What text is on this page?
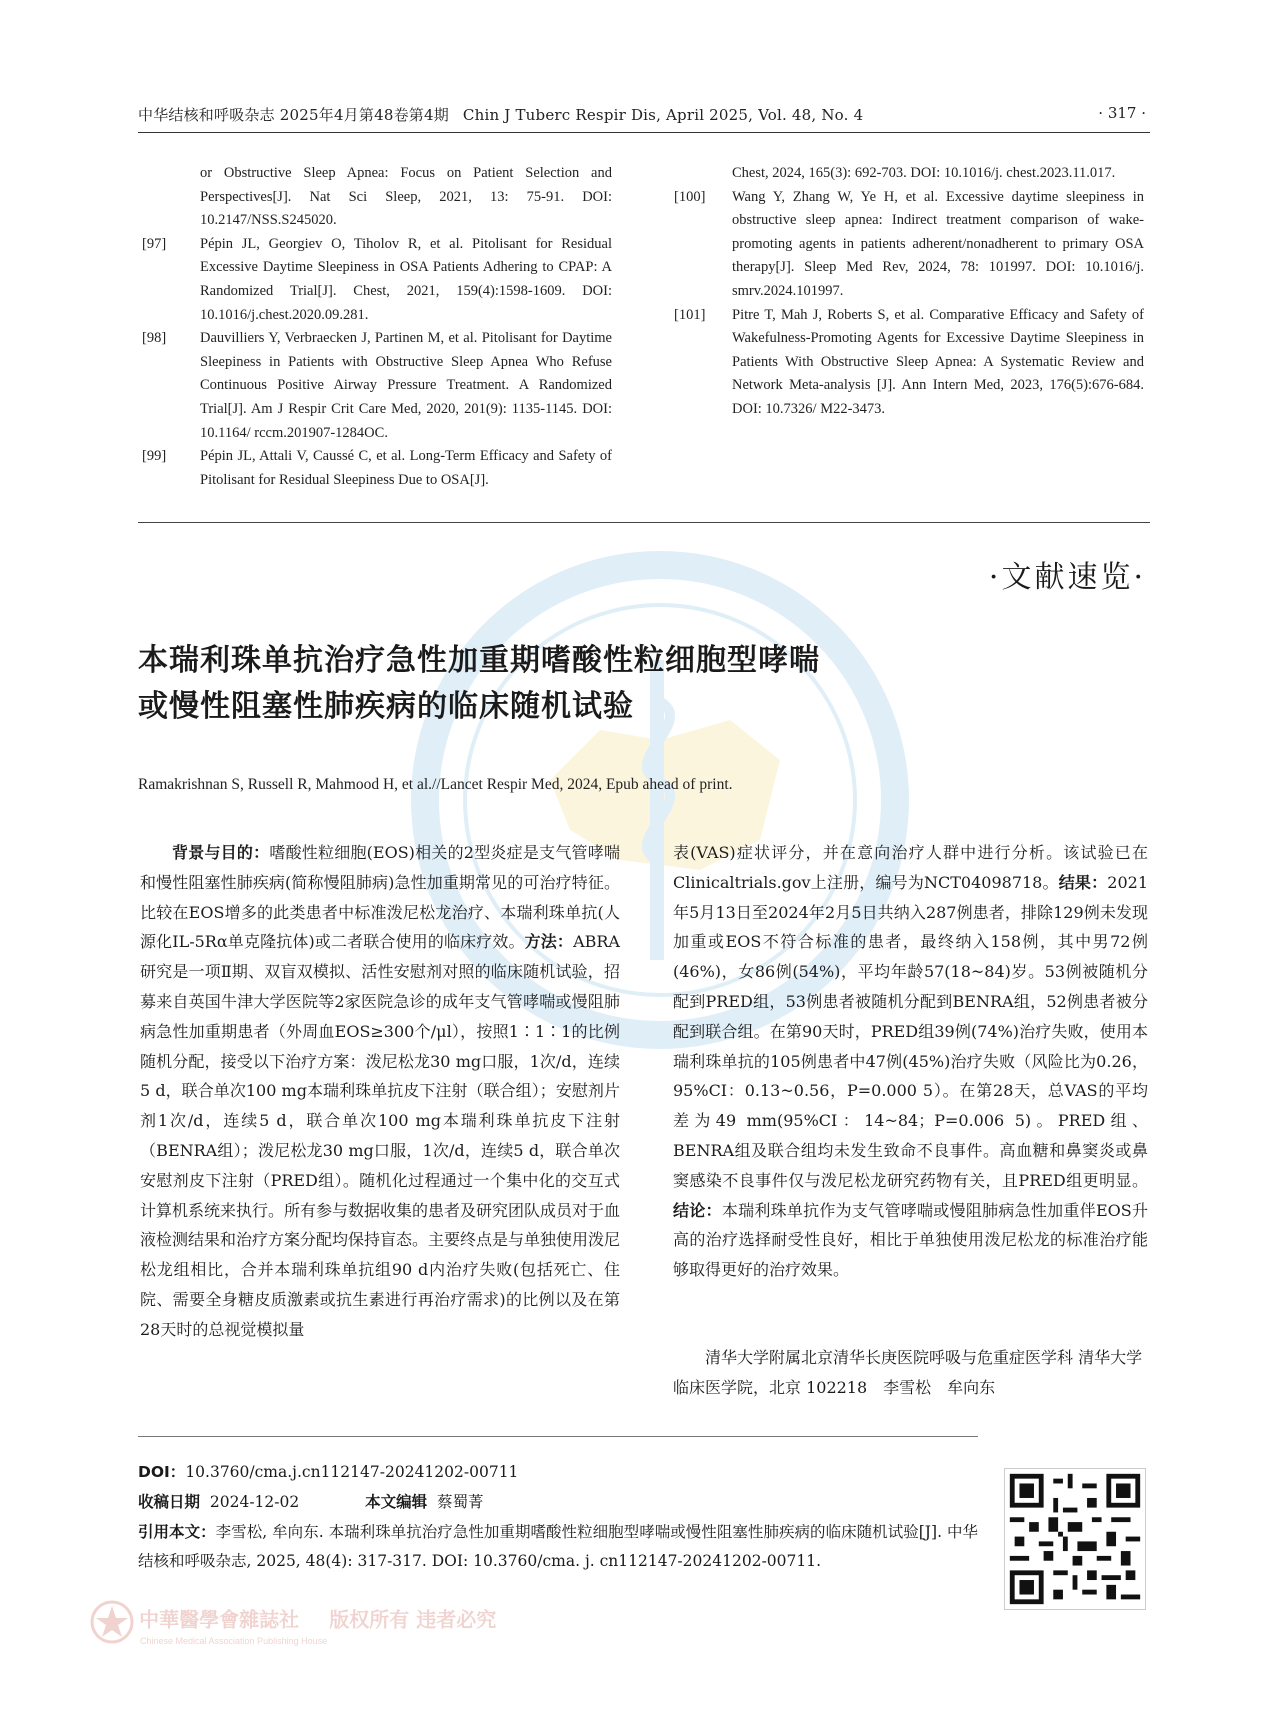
中华结核和呼吸杂志 2025年4月第48卷第4期 Chin J Tuberc Respir Dis, April 2025, Vol. 48, No. 4	· 317 ·
or Obstructive Sleep Apnea: Focus on Patient Selection and Perspectives[J]. Nat Sci Sleep, 2021, 13: 75-91. DOI: 10.2147/NSS.S245020.
[97]	Pépin JL, Georgiev O, Tiholov R, et al. Pitolisant for Residual Excessive Daytime Sleepiness in OSA Patients Adhering to CPAP: A Randomized Trial[J]. Chest, 2021, 159(4):1598-1609. DOI: 10.1016/j.chest.2020.09.281.
[98]	Dauvilliers Y, Verbraecken J, Partinen M, et al. Pitolisant for Daytime Sleepiness in Patients with Obstructive Sleep Apnea Who Refuse Continuous Positive Airway Pressure Treatment. A Randomized Trial[J]. Am J Respir Crit Care Med, 2020, 201(9): 1135-1145. DOI: 10.1164/ rccm.201907-1284OC.
[99]	Pépin JL, Attali V, Caussé C, et al. Long-Term Efficacy and Safety of Pitolisant for Residual Sleepiness Due to OSA[J].
Chest, 2024, 165(3): 692-703. DOI: 10.1016/j. chest.2023.11.017.
[100]	Wang Y, Zhang W, Ye H, et al. Excessive daytime sleepiness in obstructive sleep apnea: Indirect treatment comparison of wake-promoting agents in patients adherent/nonadherent to primary OSA therapy[J]. Sleep Med Rev, 2024, 78: 101997. DOI: 10.1016/j. smrv.2024.101997.
[101]	Pitre T, Mah J, Roberts S, et al. Comparative Efficacy and Safety of Wakefulness-Promoting Agents for Excessive Daytime Sleepiness in Patients With Obstructive Sleep Apnea: A Systematic Review and Network Meta-analysis [J]. Ann Intern Med, 2023, 176(5):676-684. DOI: 10.7326/ M22-3473.
·文献速览·
本瑞利珠单抗治疗急性加重期嗜酸性粒细胞型哮喘
或慢性阻塞性肺疾病的临床随机试验
Ramakrishnan S, Russell R, Mahmood H, et al.//Lancet Respir Med, 2024, Epub ahead of print.
背景与目的：嗜酸性粒细胞(EOS)相关的2型炎症是支气管哮喘和慢性阻塞性肺疾病(简称慢阻肺病)急性加重期常见的可治疗特征。比较在EOS增多的此类患者中标准泼尼松龙治疗、本瑞利珠单抗(人源化IL-5Rα单克隆抗体)或二者联合使用的临床疗效。方法：ABRA研究是一项Ⅱ期、双盲双模拟、活性安慰剂对照的临床随机试验，招募来自英国牛津大学医院等2家医院急诊的成年支气管哮喘或慢阻肺病急性加重期患者（外周血EOS≥300个/μl），按照1∶1∶1的比例随机分配，接受以下治疗方案：泼尼松龙30 mg口服，1次/d，连续5 d，联合单次100 mg本瑞利珠单抗皮下注射（联合组）；安慰剂片剂1次/d，连续5 d，联合单次100 mg本瑞利珠单抗皮下注射（BENRA组）；泼尼松龙30 mg口服，1次/d，连续5 d，联合单次安慰剂皮下注射（PRED组）。随机化过程通过一个集中化的交互式计算机系统来执行。所有参与数据收集的患者及研究团队成员对于血液检测结果和治疗方案分配均保持盲态。主要终点是与单独使用泼尼松龙组相比，合并本瑞利珠单抗组90 d内治疗失败(包括死亡、住院、需要全身糖皮质激素或抗生素进行再治疗需求)的比例以及在第28天时的总视觉模拟量
表(VAS)症状评分，并在意向治疗人群中进行分析。该试验已在Clinicaltrials.gov上注册，编号为NCT04098718。结果：2021年5月13日至2024年2月5日共纳入287例患者，排除129例未发现加重或EOS不符合标准的患者，最终纳入158例，其中男72例(46%)，女86例(54%)，平均年龄57(18~84)岁。53例被随机分配到PRED组，53例患者被随机分配到BENRA组，52例患者被分配到联合组。在第90天时，PRED组39例(74%)治疗失败，使用本瑞利珠单抗的105例患者中47例(45%)治疗失败（风险比为0.26，95%CI：0.13~0.56，P=0.000 5）。在第28天，总VAS的平均差为49 mm(95%CI：14~84；P=0.006 5)。PRED组、BENRA组及联合组均未发生致命不良事件。高血糖和鼻窦炎或鼻窦感染不良事件仅与泼尼松龙研究药物有关，且PRED组更明显。结论：本瑞利珠单抗作为支气管哮喘或慢阻肺病急性加重伴EOS升高的治疗选择耐受性良好，相比于单独使用泼尼松龙的标准治疗能够取得更好的治疗效果。
清华大学附属北京清华长庚医院呼吸与危重症医学科 清华大学临床医学院，北京 102218　李雪松　牟向东
DOI：10.3760/cma.j.cn112147-20241202-00711
收稿日期 2024-12-02	本文编辑 蔡蜀菁
引用本文：李雪松, 牟向东. 本瑞利珠单抗治疗急性加重期嗜酸性粒细胞型哮喘或慢性阻塞性肺疾病的临床随机试验[J]. 中华结核和呼吸杂志, 2025, 48(4): 317-317. DOI: 10.3760/cma. j. cn112147-20241202-00711.
中華醫學會雜誌社 版权所有 违者必究
Chinese Medical Association Publishing House
